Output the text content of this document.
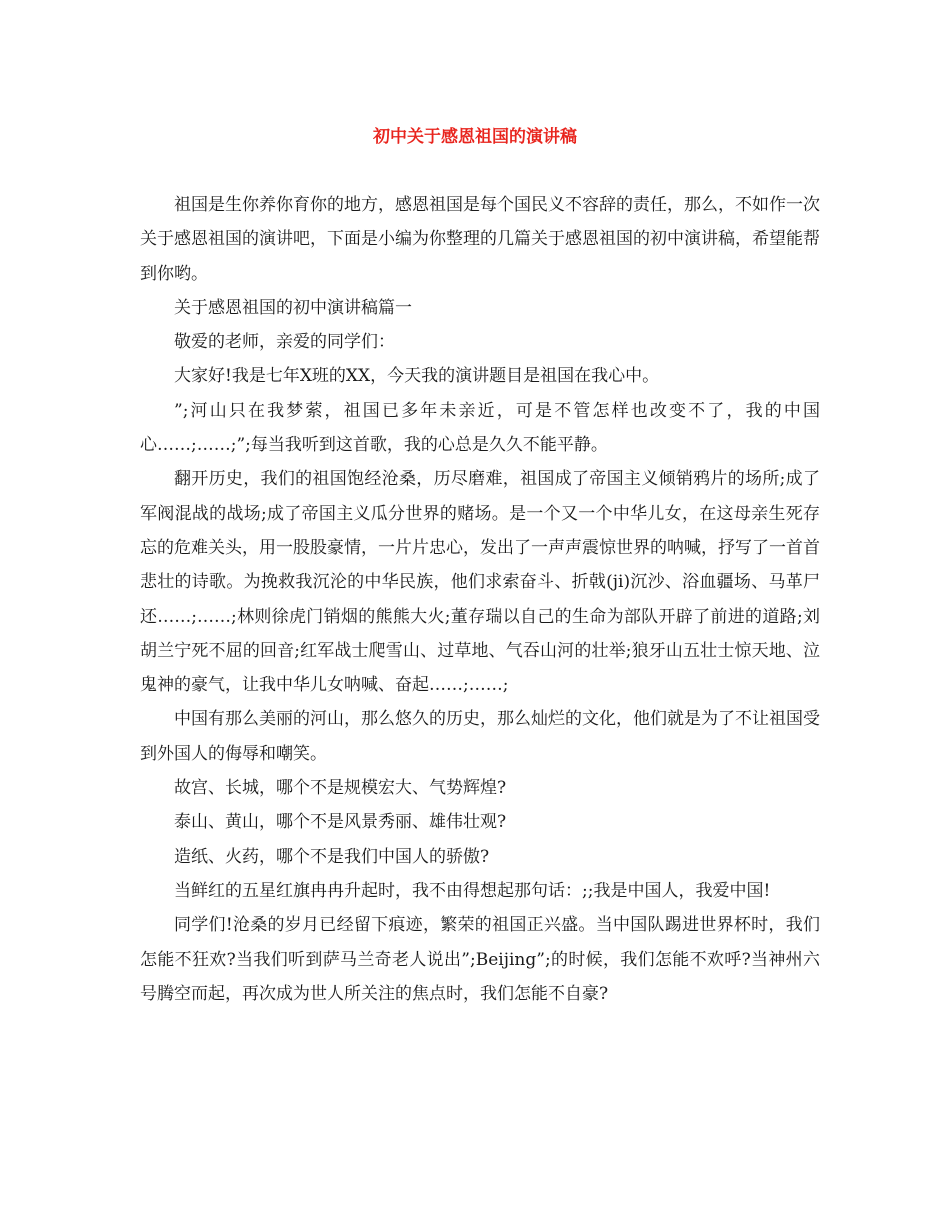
初中关于感恩祖国的演讲稿

祖国是生你养你育你的地方，感恩祖国是每个国民义不容辞的责任，那么，不如作一次关于感恩祖国的演讲吧，下面是小编为你整理的几篇关于感恩祖国的初中演讲稿，希望能帮到你哟。

关于感恩祖国的初中演讲稿篇一

敬爱的老师，亲爱的同学们：

大家好!我是七年X班的XX，今天我的演讲题目是祖国在我心中。

”;河山只在我梦萦，祖国已多年未亲近，可是不管怎样也改变不了，我的中国心……;……;”;每当我听到这首歌，我的心总是久久不能平静。

翻开历史，我们的祖国饱经沧桑，历尽磨难，祖国成了帝国主义倾销鸦片的场所;成了军阀混战的战场;成了帝国主义瓜分世界的赌场。是一个又一个中华儿女，在这母亲生死存忘的危难关头，用一股股豪情，一片片忠心，发出了一声声震惊世界的呐喊，抒写了一首首悲壮的诗歌。为挽救我沉沦的中华民族，他们求索奋斗、折戟(ji)沉沙、浴血疆场、马革尸还……;……;林则徐虎门销烟的熊熊大火;董存瑞以自己的生命为部队开辟了前进的道路;刘胡兰宁死不屈的回音;红军战士爬雪山、过草地、气吞山河的壮举;狼牙山五壮士惊天地、泣鬼神的豪气，让我中华儿女呐喊、奋起……;……;

中国有那么美丽的河山，那么悠久的历史，那么灿烂的文化，他们就是为了不让祖国受到外国人的侮辱和嘲笑。

故宫、长城，哪个不是规模宏大、气势辉煌?

泰山、黄山，哪个不是风景秀丽、雄伟壮观?

造纸、火药，哪个不是我们中国人的骄傲?

当鲜红的五星红旗冉冉升起时，我不由得想起那句话：;;我是中国人，我爱中国!

同学们!沧桑的岁月已经留下痕迹，繁荣的祖国正兴盛。当中国队踢进世界杯时，我们怎能不狂欢?当我们听到萨马兰奇老人说出”;Beijing”;的时候，我们怎能不欢呼?当神州六号腾空而起，再次成为世人所关注的焦点时，我们怎能不自豪?
